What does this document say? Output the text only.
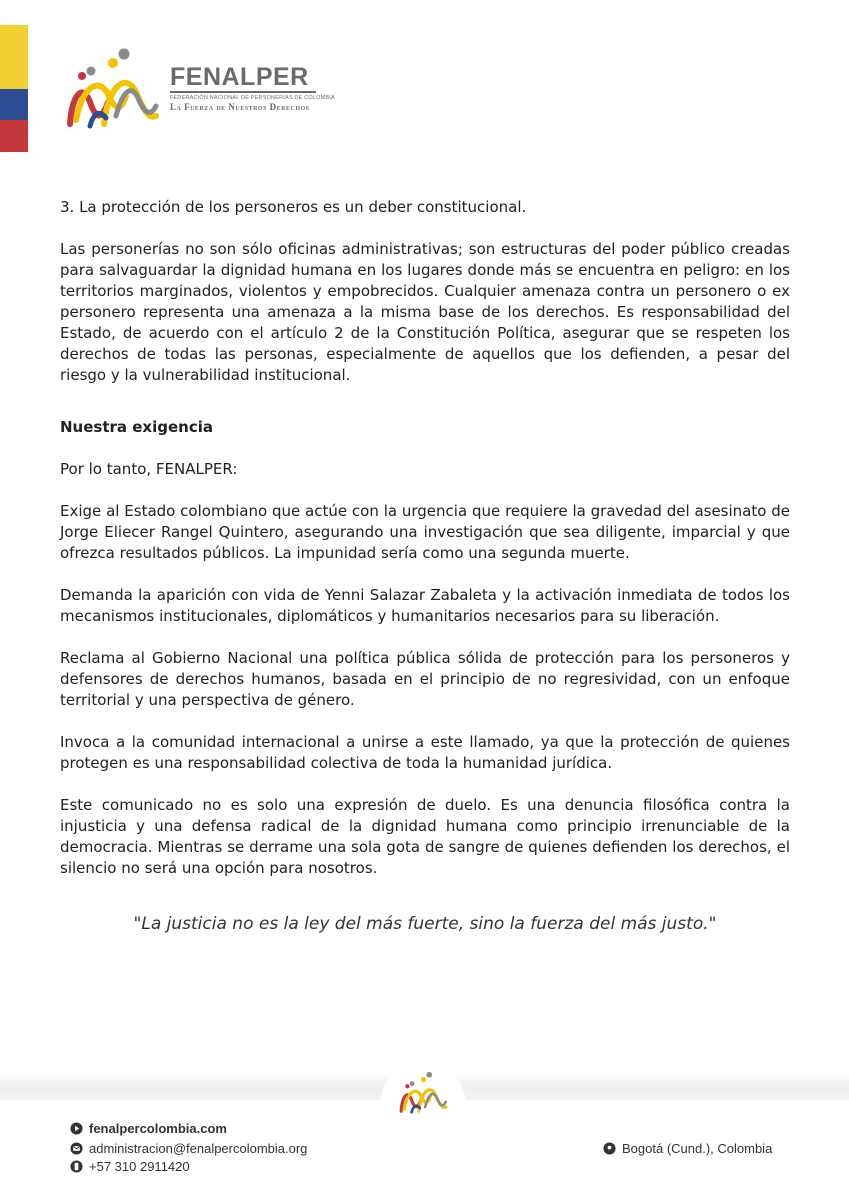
FENALPER
FEDERACIÓN NACIONAL DE PERSONERÍAS DE COLOMBIA
La Fuerza de Nuestros Derechos

3. La protección de los personeros es un deber constitucional.

Las personerías no son sólo oficinas administrativas; son estructuras del poder público creadas para salvaguardar la dignidad humana en los lugares donde más se encuentra en peligro: en los territorios marginados, violentos y empobrecidos. Cualquier amenaza contra un personero o ex personero representa una amenaza a la misma base de los derechos. Es responsabilidad del Estado, de acuerdo con el artículo 2 de la Constitución Política, asegurar que se respeten los derechos de todas las personas, especialmente de aquellos que los defienden, a pesar del riesgo y la vulnerabilidad institucional.

Nuestra exigencia

Por lo tanto, FENALPER:

Exige al Estado colombiano que actúe con la urgencia que requiere la gravedad del asesinato de Jorge Eliecer Rangel Quintero, asegurando una investigación que sea diligente, imparcial y que ofrezca resultados públicos. La impunidad sería como una segunda muerte.

Demanda la aparición con vida de Yenni Salazar Zabaleta y la activación inmediata de todos los mecanismos institucionales, diplomáticos y humanitarios necesarios para su liberación.

Reclama al Gobierno Nacional una política pública sólida de protección para los personeros y defensores de derechos humanos, basada en el principio de no regresividad, con un enfoque territorial y una perspectiva de género.

Invoca a la comunidad internacional a unirse a este llamado, ya que la protección de quienes protegen es una responsabilidad colectiva de toda la humanidad jurídica.

Este comunicado no es solo una expresión de duelo. Es una denuncia filosófica contra la injusticia y una defensa radical de la dignidad humana como principio irrenunciable de la democracia. Mientras se derrame una sola gota de sangre de quienes defienden los derechos, el silencio no será una opción para nosotros.

"La justicia no es la ley del más fuerte, sino la fuerza del más justo."
fenalpercolombia.com
administracion@fenalpercolombia.org
+57 310 2911420
Bogotá (Cund.), Colombia
